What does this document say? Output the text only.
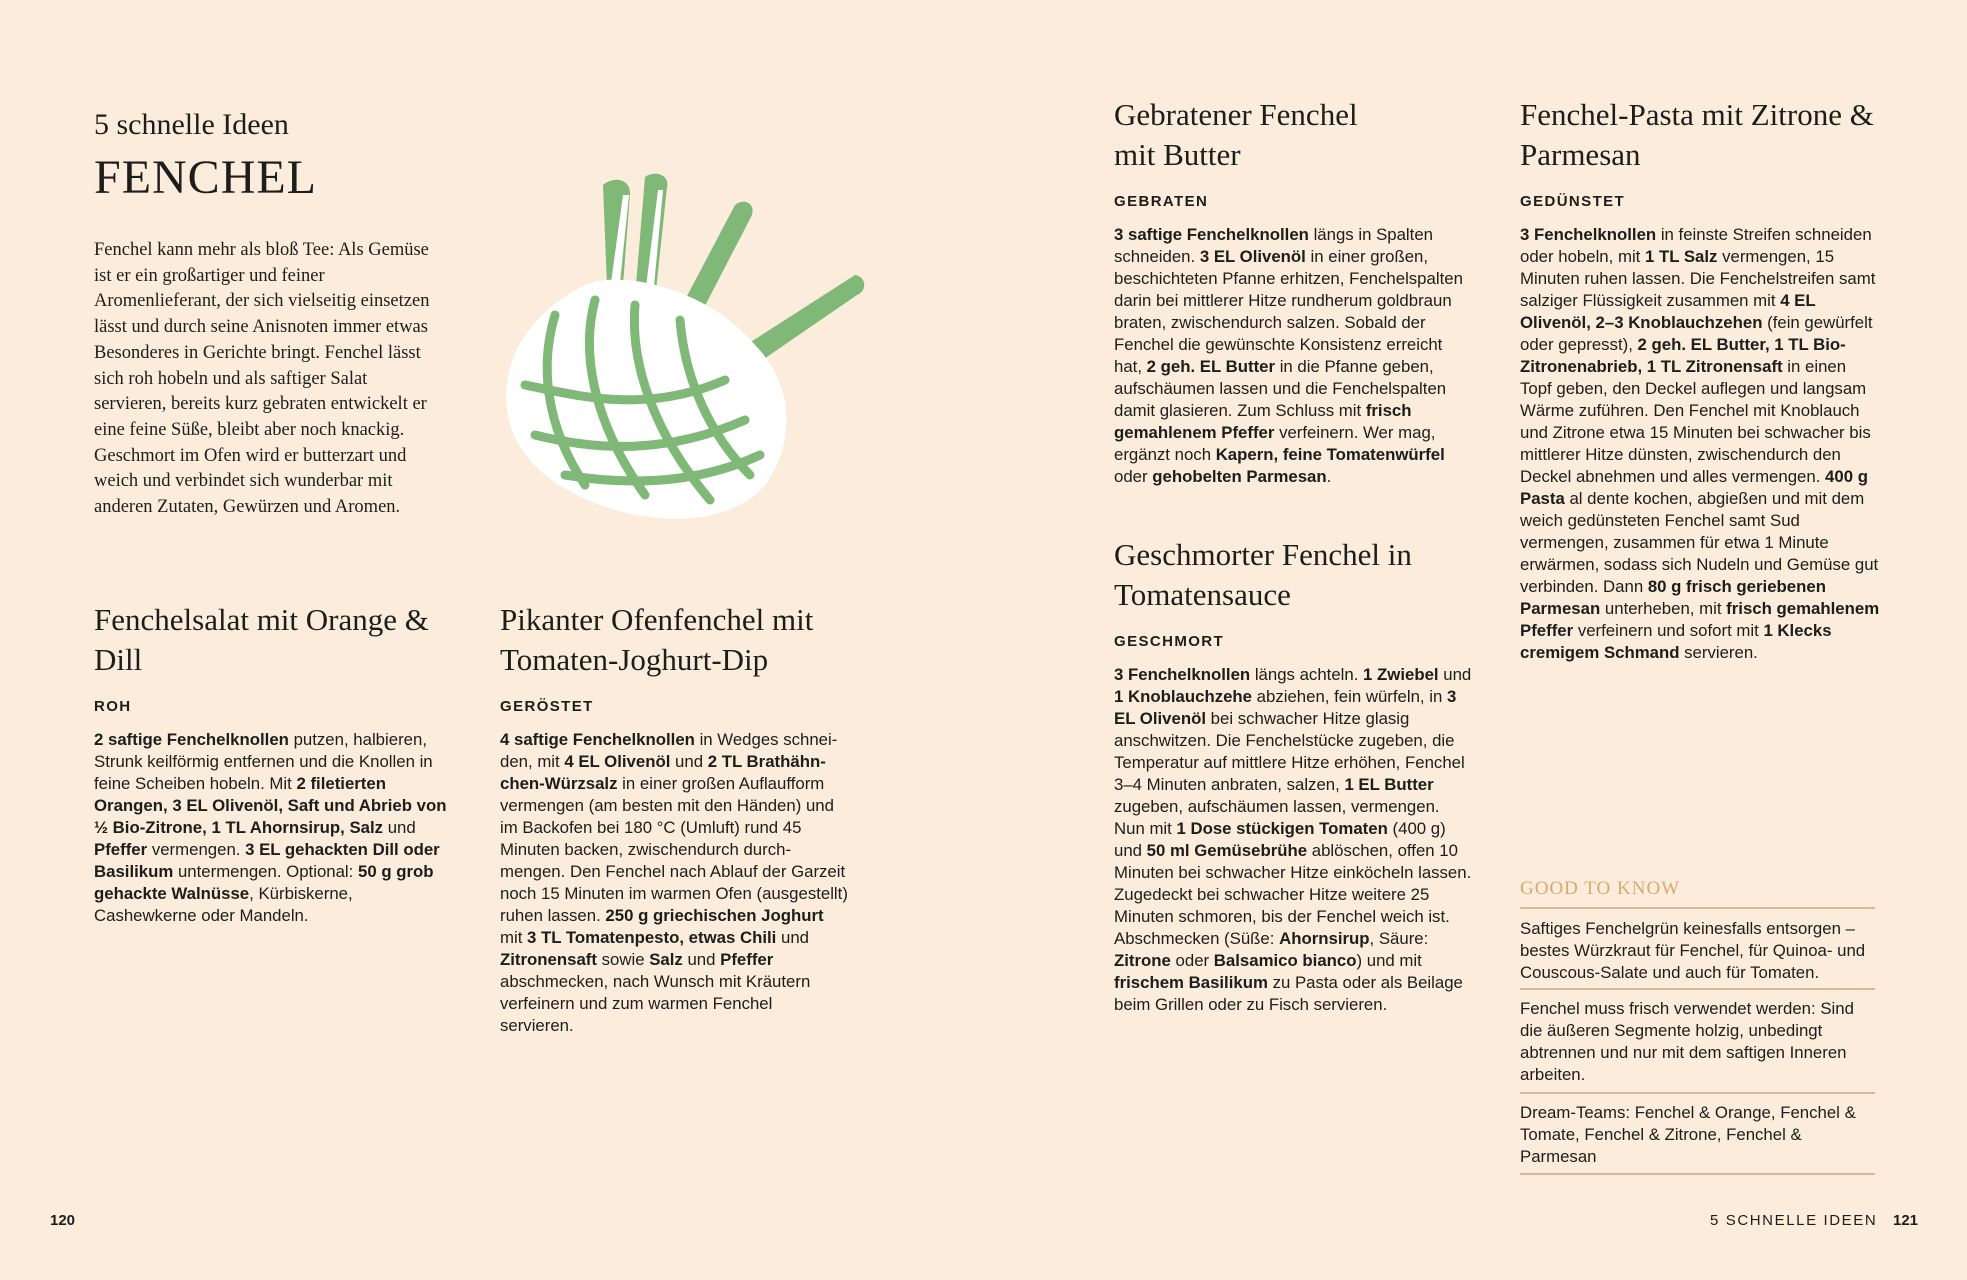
5 schnelle Ideen
FENCHEL
Fenchel kann mehr als bloß Tee: Als Gemüse ist er ein großartiger und feiner Aromenlieferant, der sich vielseitig einsetzen lässt und durch seine Anisnoten immer etwas Besonderes in Gerichte bringt. Fenchel lässt sich roh hobeln und als saftiger Salat servieren, bereits kurz gebraten entwickelt er eine feine Süße, bleibt aber noch knackig. Geschmort im Ofen wird er butterzart und weich und verbindet sich wunderbar mit anderen Zutaten, Gewürzen und Aromen.
Fenchelsalat mit Orange & Dill
ROH
2 saftige Fenchelknollen putzen, halbieren, Strunk keilförmig entfernen und die Knollen in feine Scheiben hobeln. Mit 2 filetierten Orangen, 3 EL Olivenöl, Saft und Abrieb von ½ Bio-Zitrone, 1 TL Ahornsirup, Salz und Pfeffer vermengen. 3 EL gehackten Dill oder Basilikum untermengen. Optional: 50 g grob gehackte Walnüsse, Kürbiskerne, Cashewkerne oder Mandeln.
Pikanter Ofenfenchel mit Tomaten-Joghurt-Dip
GERÖSTET
4 saftige Fenchelknollen in Wedges schneiden, mit 4 EL Olivenöl und 2 TL Brathähnchen-Würzsalz in einer großen Auflaufform vermengen (am besten mit den Händen) und im Backofen bei 180 °C (Umluft) rund 45 Minuten backen, zwischendurch durchmengen. Den Fenchel nach Ablauf der Garzeit noch 15 Minuten im warmen Ofen (ausgestellt) ruhen lassen. 250 g griechischen Joghurt mit 3 TL Tomatenpesto, etwas Chili und Zitronensaft sowie Salz und Pfeffer abschmecken, nach Wunsch mit Kräutern verfeinern und zum warmen Fenchel servieren.
Gebratener Fenchel mit Butter
GEBRATEN
3 saftige Fenchelknollen längs in Spalten schneiden. 3 EL Olivenöl in einer großen, beschichteten Pfanne erhitzen, Fenchelspalten darin bei mittlerer Hitze rundherum goldbraun braten, zwischendurch salzen. Sobald der Fenchel die gewünschte Konsistenz erreicht hat, 2 geh. EL Butter in die Pfanne geben, aufschäumen lassen und die Fenchelspalten damit glasieren. Zum Schluss mit frisch gemahlenem Pfeffer verfeinern. Wer mag, ergänzt noch Kapern, feine Tomatenwürfel oder gehobelten Parmesan.
Geschmorter Fenchel in Tomatensauce
GESCHMORT
3 Fenchelknollen längs achteln. 1 Zwiebel und 1 Knoblauchzehe abziehen, fein würfeln, in 3 EL Olivenöl bei schwacher Hitze glasig anschwitzen. Die Fenchelstücke zugeben, die Temperatur auf mittlere Hitze erhöhen, Fenchel 3–4 Minuten anbraten, salzen, 1 EL Butter zugeben, aufschäumen lassen, vermengen. Nun mit 1 Dose stückigen Tomaten (400 g) und 50 ml Gemüsebrühe ablöschen, offen 10 Minuten bei schwacher Hitze einköcheln lassen. Zugedeckt bei schwacher Hitze weitere 25 Minuten schmoren, bis der Fenchel weich ist. Abschmecken (Süße: Ahornsirup, Säure: Zitrone oder Balsamico bianco) und mit frischem Basilikum zu Pasta oder als Beilage beim Grillen oder zu Fisch servieren.
Fenchel-Pasta mit Zitrone & Parmesan
GEDÜNSTET
3 Fenchelknollen in feinste Streifen schneiden oder hobeln, mit 1 TL Salz vermengen, 15 Minuten ruhen lassen. Die Fenchelstreifen samt salziger Flüssigkeit zusammen mit 4 EL Olivenöl, 2–3 Knoblauchzehen (fein gewürfelt oder gepresst), 2 geh. EL Butter, 1 TL Bio-Zitronenabrieb, 1 TL Zitronensaft in einen Topf geben, den Deckel auflegen und langsam Wärme zuführen. Den Fenchel mit Knoblauch und Zitrone etwa 15 Minuten bei schwacher bis mittlerer Hitze dünsten, zwischendurch den Deckel abnehmen und alles vermengen. 400 g Pasta al dente kochen, abgießen und mit dem weich gedünsteten Fenchel samt Sud vermengen, zusammen für etwa 1 Minute erwärmen, sodass sich Nudeln und Gemüse gut verbinden. Dann 80 g frisch geriebenen Parmesan unterheben, mit frisch gemahlenem Pfeffer verfeinern und sofort mit 1 Klecks cremigem Schmand servieren.
GOOD TO KNOW
Saftiges Fenchelgrün keinesfalls entsorgen – bestes Würzkraut für Fenchel, für Quinoa- und Couscous-Salate und auch für Tomaten.
Fenchel muss frisch verwendet werden: Sind die äußeren Segmente holzig, unbedingt abtrennen und nur mit dem saftigen Inneren arbeiten.
Dream-Teams: Fenchel & Orange, Fenchel & Tomate, Fenchel & Zitrone, Fenchel & Parmesan
120	5 SCHNELLE IDEEN 121
